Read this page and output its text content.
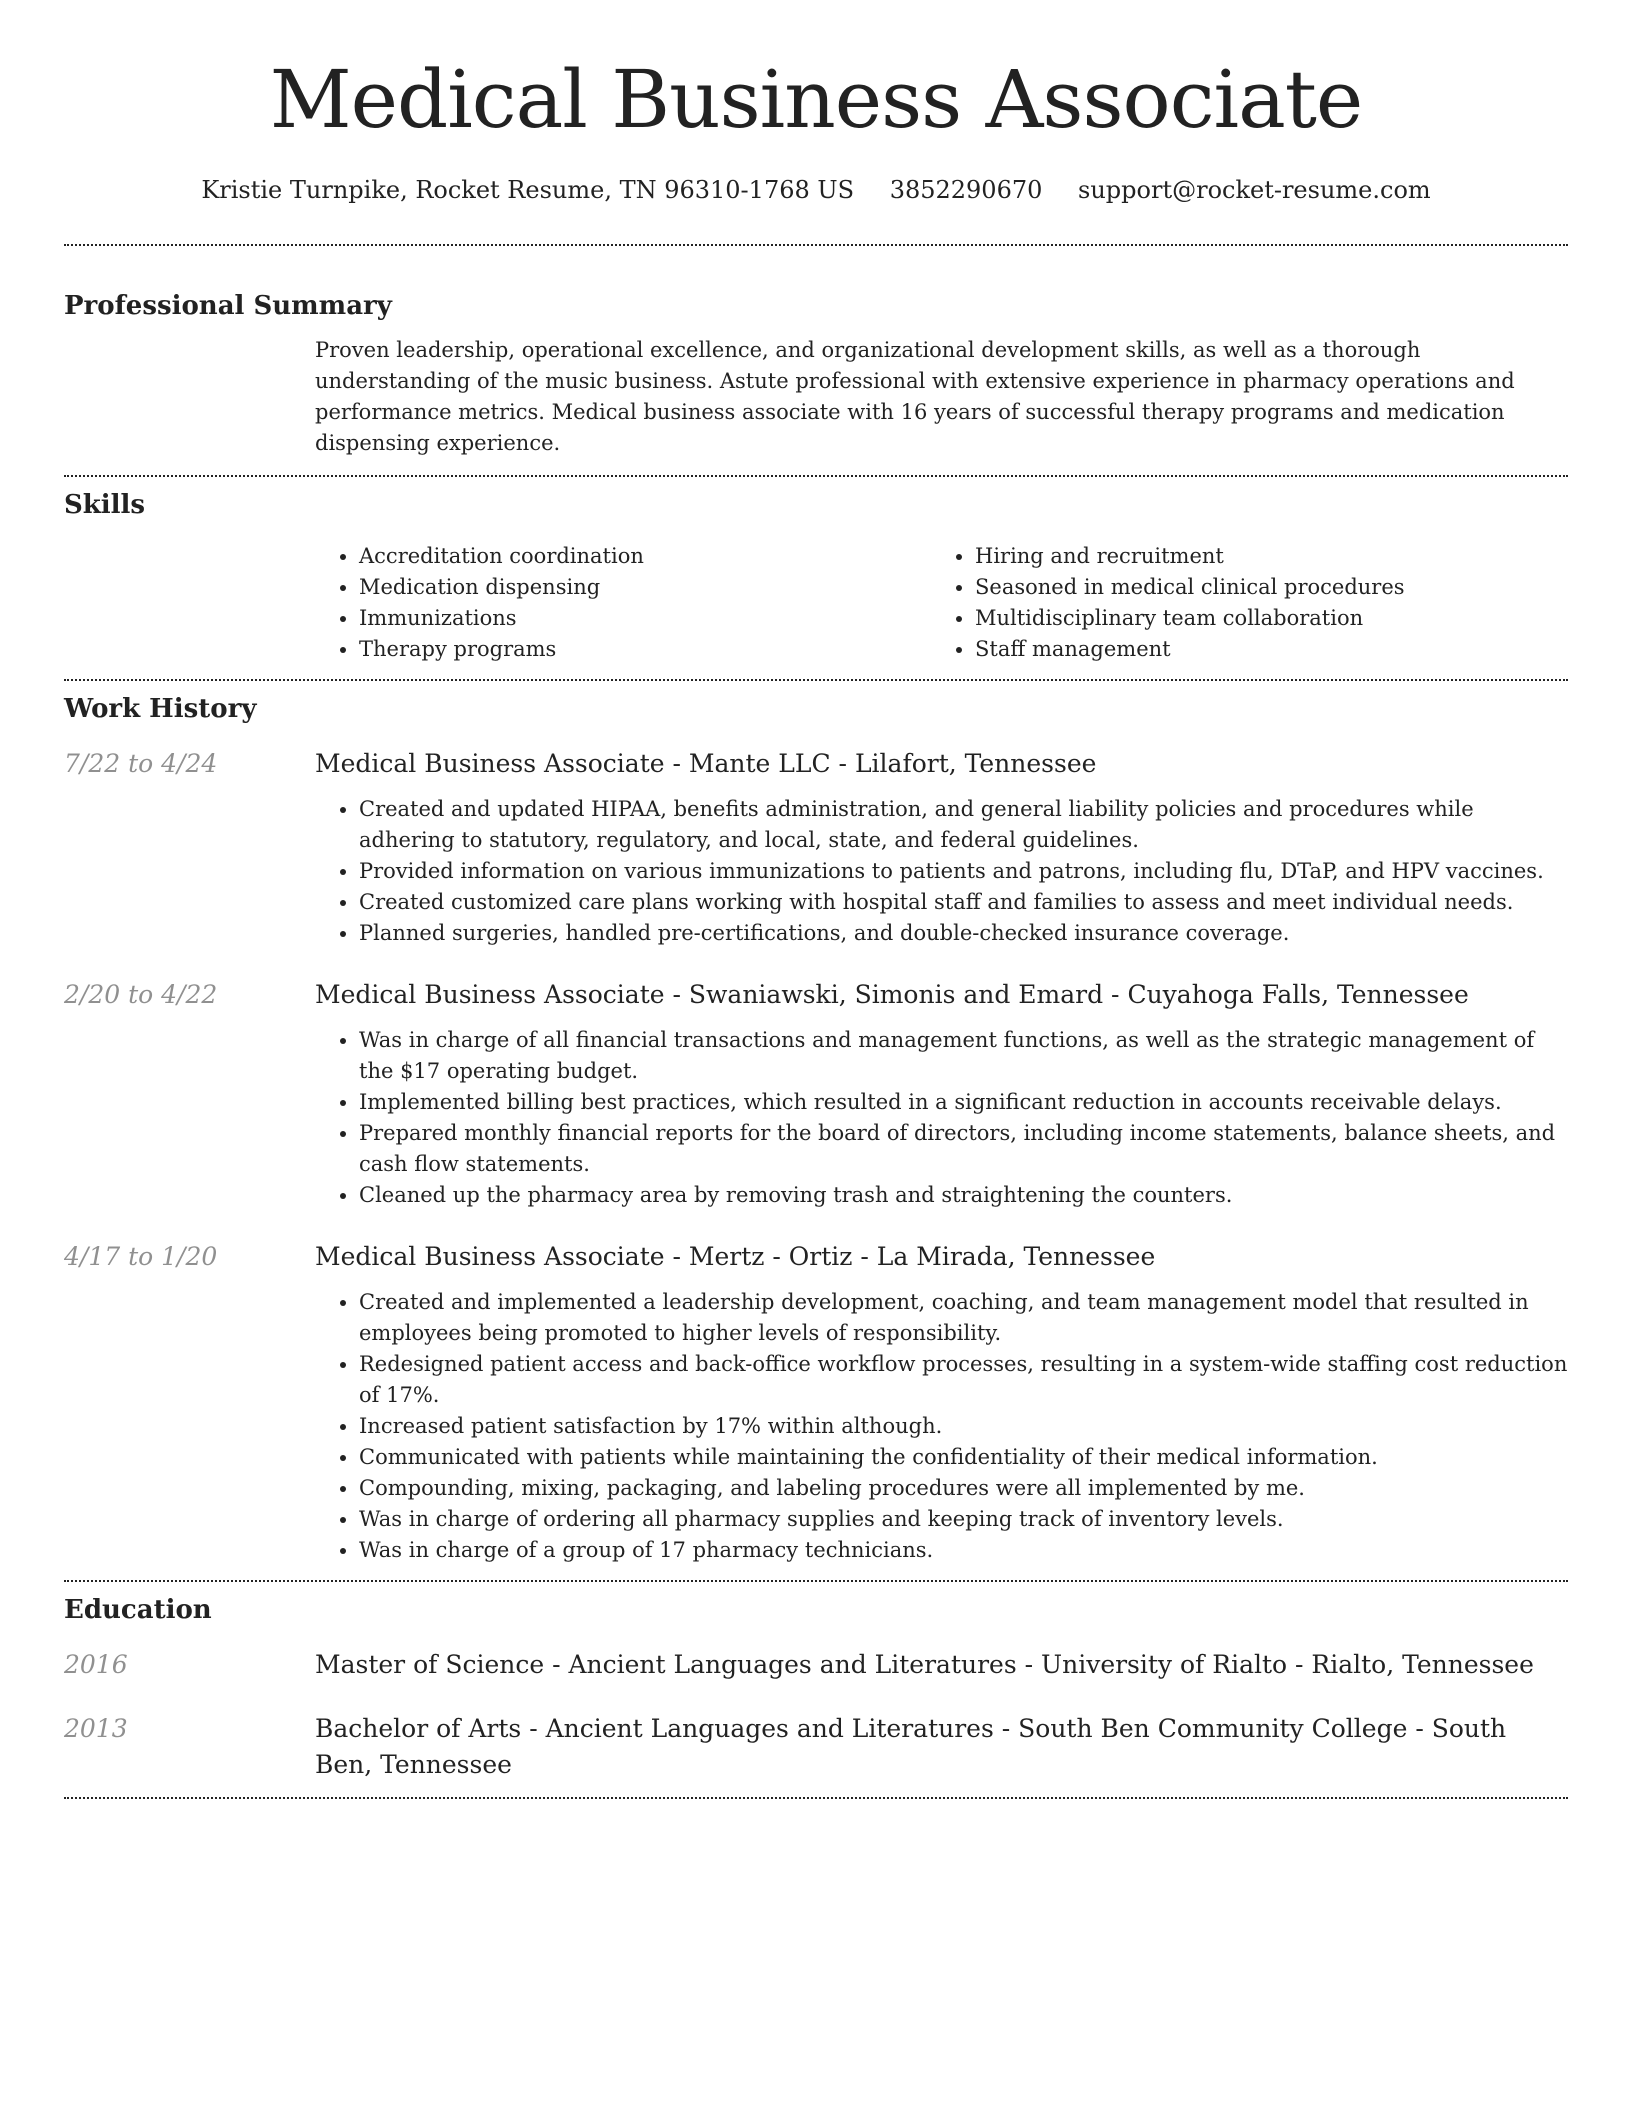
Medical Business Associate
Kristie Turnpike, Rocket Resume, TN 96310-1768 US 3852290670 support@rocket-resume.com
Professional Summary
Proven leadership, operational excellence, and organizational development skills, as well as a thorough understanding of the music business. Astute professional with extensive experience in pharmacy operations and performance metrics. Medical business associate with 16 years of successful therapy programs and medication dispensing experience.
Skills
• Accreditation coordination
• Medication dispensing
• Immunizations
• Therapy programs
• Hiring and recruitment
• Seasoned in medical clinical procedures
• Multidisciplinary team collaboration
• Staff management
Work History
7/22 to 4/24	Medical Business Associate - Mante LLC - Lilafort, Tennessee
• Created and updated HIPAA, benefits administration, and general liability policies and procedures while adhering to statutory, regulatory, and local, state, and federal guidelines.
• Provided information on various immunizations to patients and patrons, including flu, DTaP, and HPV vaccines.
• Created customized care plans working with hospital staff and families to assess and meet individual needs.
• Planned surgeries, handled pre-certifications, and double-checked insurance coverage.
2/20 to 4/22	Medical Business Associate - Swaniawski, Simonis and Emard - Cuyahoga Falls, Tennessee
• Was in charge of all financial transactions and management functions, as well as the strategic management of the $17 operating budget.
• Implemented billing best practices, which resulted in a significant reduction in accounts receivable delays.
• Prepared monthly financial reports for the board of directors, including income statements, balance sheets, and cash flow statements.
• Cleaned up the pharmacy area by removing trash and straightening the counters.
4/17 to 1/20	Medical Business Associate - Mertz - Ortiz - La Mirada, Tennessee
• Created and implemented a leadership development, coaching, and team management model that resulted in employees being promoted to higher levels of responsibility.
• Redesigned patient access and back-office workflow processes, resulting in a system-wide staffing cost reduction of 17%.
• Increased patient satisfaction by 17% within although.
• Communicated with patients while maintaining the confidentiality of their medical information.
• Compounding, mixing, packaging, and labeling procedures were all implemented by me.
• Was in charge of ordering all pharmacy supplies and keeping track of inventory levels.
• Was in charge of a group of 17 pharmacy technicians.
Education
2016	Master of Science - Ancient Languages and Literatures - University of Rialto - Rialto, Tennessee
2013	Bachelor of Arts - Ancient Languages and Literatures - South Ben Community College - South Ben, Tennessee
